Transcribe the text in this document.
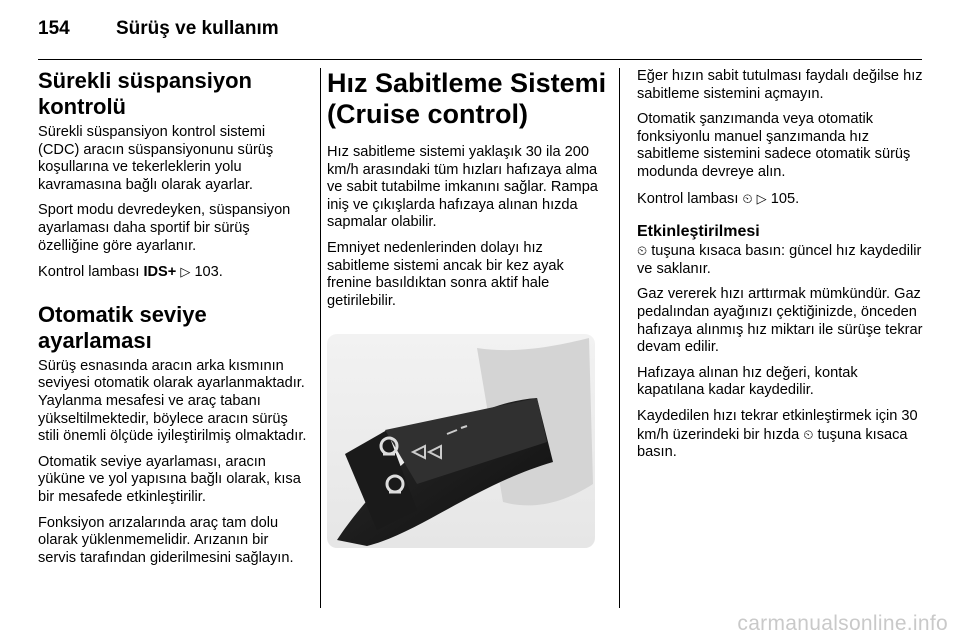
154 Sürüş ve kullanım
Sürekli süspansiyon kontrolü

Sürekli süspansiyon kontrol sistemi (CDC) aracın süspansiyonunu sürüş koşullarına ve tekerleklerin yolu kavramasına bağlı olarak ayarlar.

Sport modu devredeyken, süspansiyon ayarlaması daha sportif bir sürüş özelliğine göre ayarlanır.

Kontrol lambası IDS+ ▷ 103.

Otomatik seviye ayarlaması

Sürüş esnasında aracın arka kısmının seviyesi otomatik olarak ayarlanmaktadır. Yaylanma mesafesi ve araç tabanı yükseltilmektedir, böylece aracın sürüş stili önemli ölçüde iyileştirilmiş olmaktadır.

Otomatik seviye ayarlaması, aracın yüküne ve yol yapısına bağlı olarak, kısa bir mesafede etkinleştirilir.

Fonksiyon arızalarında araç tam dolu olarak yüklenmemelidir. Arızanın bir servis tarafından giderilmesini sağlayın.

Hız Sabitleme Sistemi (Cruise control)

Hız sabitleme sistemi yaklaşık 30 ila 200 km/h arasındaki tüm hızları hafızaya alma ve sabit tutabilme imkanını sağlar. Rampa iniş ve çıkışlarda hafızaya alınan hızda sapmalar olabilir.

Emniyet nedenlerinden dolayı hız sabitleme sistemi ancak bir kez ayak frenine basıldıktan sonra aktif hale getirilebilir.

Eğer hızın sabit tutulması faydalı değilse hız sabitleme sistemini açmayın.

Otomatik şanzımanda veya otomatik fonksiyonlu manuel şanzımanda hız sabitleme sistemini sadece otomatik sürüş modunda devreye alın.

Kontrol lambası ⏲ ▷ 105.

Etkinleştirilmesi

⏲ tuşuna kısaca basın: güncel hız kaydedilir ve saklanır.

Gaz vererek hızı arttırmak mümkündür. Gaz pedalından ayağınızı çektiğinizde, önceden hafızaya alınmış hız miktarı ile sürüşe tekrar devam edilir.

Hafızaya alınan hız değeri, kontak kapatılana kadar kaydedilir.

Kaydedilen hızı tekrar etkinleştirmek için 30 km/h üzerindeki bir hızda ⏲ tuşuna kısaca basın.

carmanualsonline.info
